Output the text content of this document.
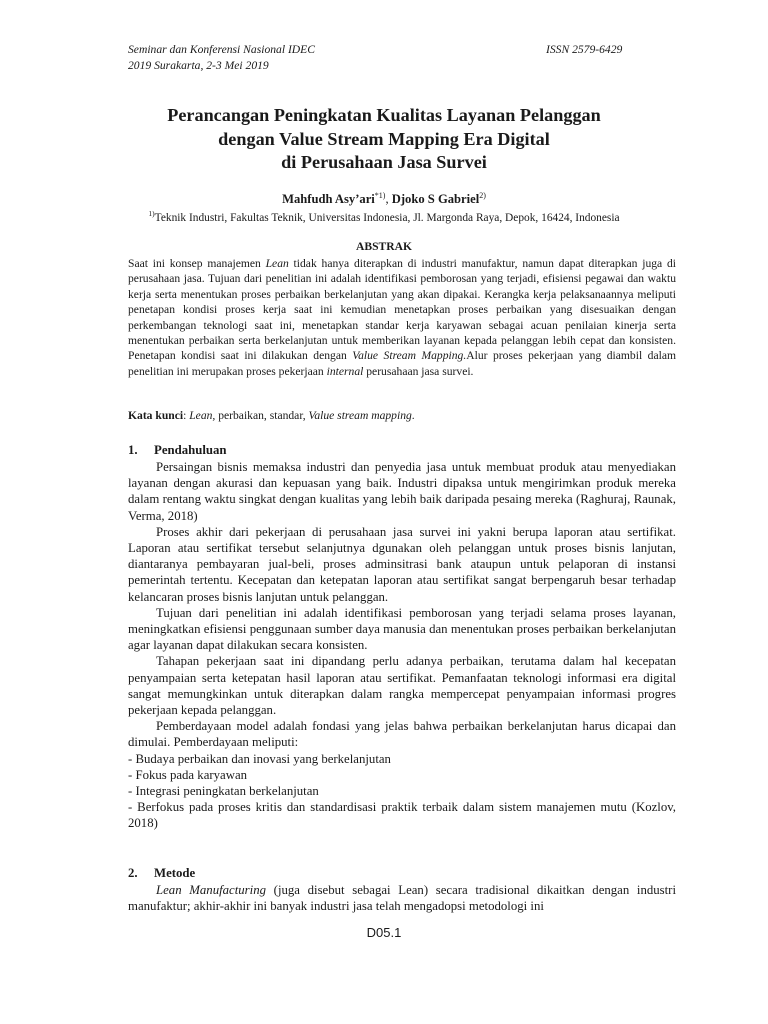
Seminar dan Konferensi Nasional IDEC
2019 Surakarta, 2-3 Mei 2019
ISSN 2579-6429
Perancangan Peningkatan Kualitas Layanan Pelanggan
dengan Value Stream Mapping Era Digital
di Perusahaan Jasa Survei
Mahfudh Asy’ari$^{*1)}$, Djoko S Gabriel$^{2)}$
$^{1)}$Teknik Industri, Fakultas Teknik, Universitas Indonesia, Jl. Margonda Raya, Depok, 16424, Indonesia
ABSTRAK
Saat ini konsep manajemen Lean tidak hanya diterapkan di industri manufaktur, namun dapat diterapkan juga di perusahaan jasa. Tujuan dari penelitian ini adalah identifikasi pemborosan yang terjadi, efisiensi pegawai dan waktu kerja serta menentukan proses perbaikan berkelanjutan yang akan dipakai. Kerangka kerja pelaksanaannya meliputi penetapan kondisi proses kerja saat ini kemudian menetapkan proses perbaikan yang disesuaikan dengan perkembangan teknologi saat ini, menetapkan standar kerja karyawan sebagai acuan penilaian kinerja serta menentukan perbaikan serta berkelanjutan untuk memberikan layanan kepada pelanggan lebih cepat dan konsisten. Penetapan kondisi saat ini dilakukan dengan Value Stream Mapping.Alur proses pekerjaan yang diambil dalam penelitian ini merupakan proses pekerjaan internal perusahaan jasa survei.
Kata kunci: Lean, perbaikan, standar, Value stream mapping.
1. Pendahuluan

Persaingan bisnis memaksa industri dan penyedia jasa untuk membuat produk atau menyediakan layanan dengan akurasi dan kepuasan yang baik. Industri dipaksa untuk mengirimkan produk mereka dalam rentang waktu singkat dengan kualitas yang lebih baik daripada pesaing mereka (Raghuraj, Raunak, Verma, 2018)

Proses akhir dari pekerjaan di perusahaan jasa survei ini yakni berupa laporan atau sertifikat. Laporan atau sertifikat tersebut selanjutnya dgunakan oleh pelanggan untuk proses bisnis lanjutan, diantaranya pembayaran jual-beli, proses adminsitrasi bank ataupun untuk pelaporan di instansi pemerintah tertentu. Kecepatan dan ketepatan laporan atau sertifikat sangat berpengaruh besar terhadap kelancaran proses bisnis lanjutan untuk pelanggan.

Tujuan dari penelitian ini adalah identifikasi pemborosan yang terjadi selama proses layanan, meningkatkan efisiensi penggunaan sumber daya manusia dan menentukan proses perbaikan berkelanjutan agar layanan dapat dilakukan secara konsisten.

Tahapan pekerjaan saat ini dipandang perlu adanya perbaikan, terutama dalam hal kecepatan penyampaian serta ketepatan hasil laporan atau sertifikat. Pemanfaatan teknologi informasi era digital sangat memungkinkan untuk diterapkan dalam rangka mempercepat penyampaian informasi progres pekerjaan kepada pelanggan.

Pemberdayaan model adalah fondasi yang jelas bahwa perbaikan berkelanjutan harus dicapai dan dimulai. Pemberdayaan meliputi:

- Budaya perbaikan dan inovasi yang berkelanjutan

- Fokus pada karyawan

- Integrasi peningkatan berkelanjutan

- Berfokus pada proses kritis dan standardisasi praktik terbaik dalam sistem manajemen mutu (Kozlov, 2018)

2. Metode

Lean Manufacturing (juga disebut sebagai Lean) secara tradisional dikaitkan dengan industri manufaktur; akhir-akhir ini banyak industri jasa telah mengadopsi metodologi ini

D05.1
